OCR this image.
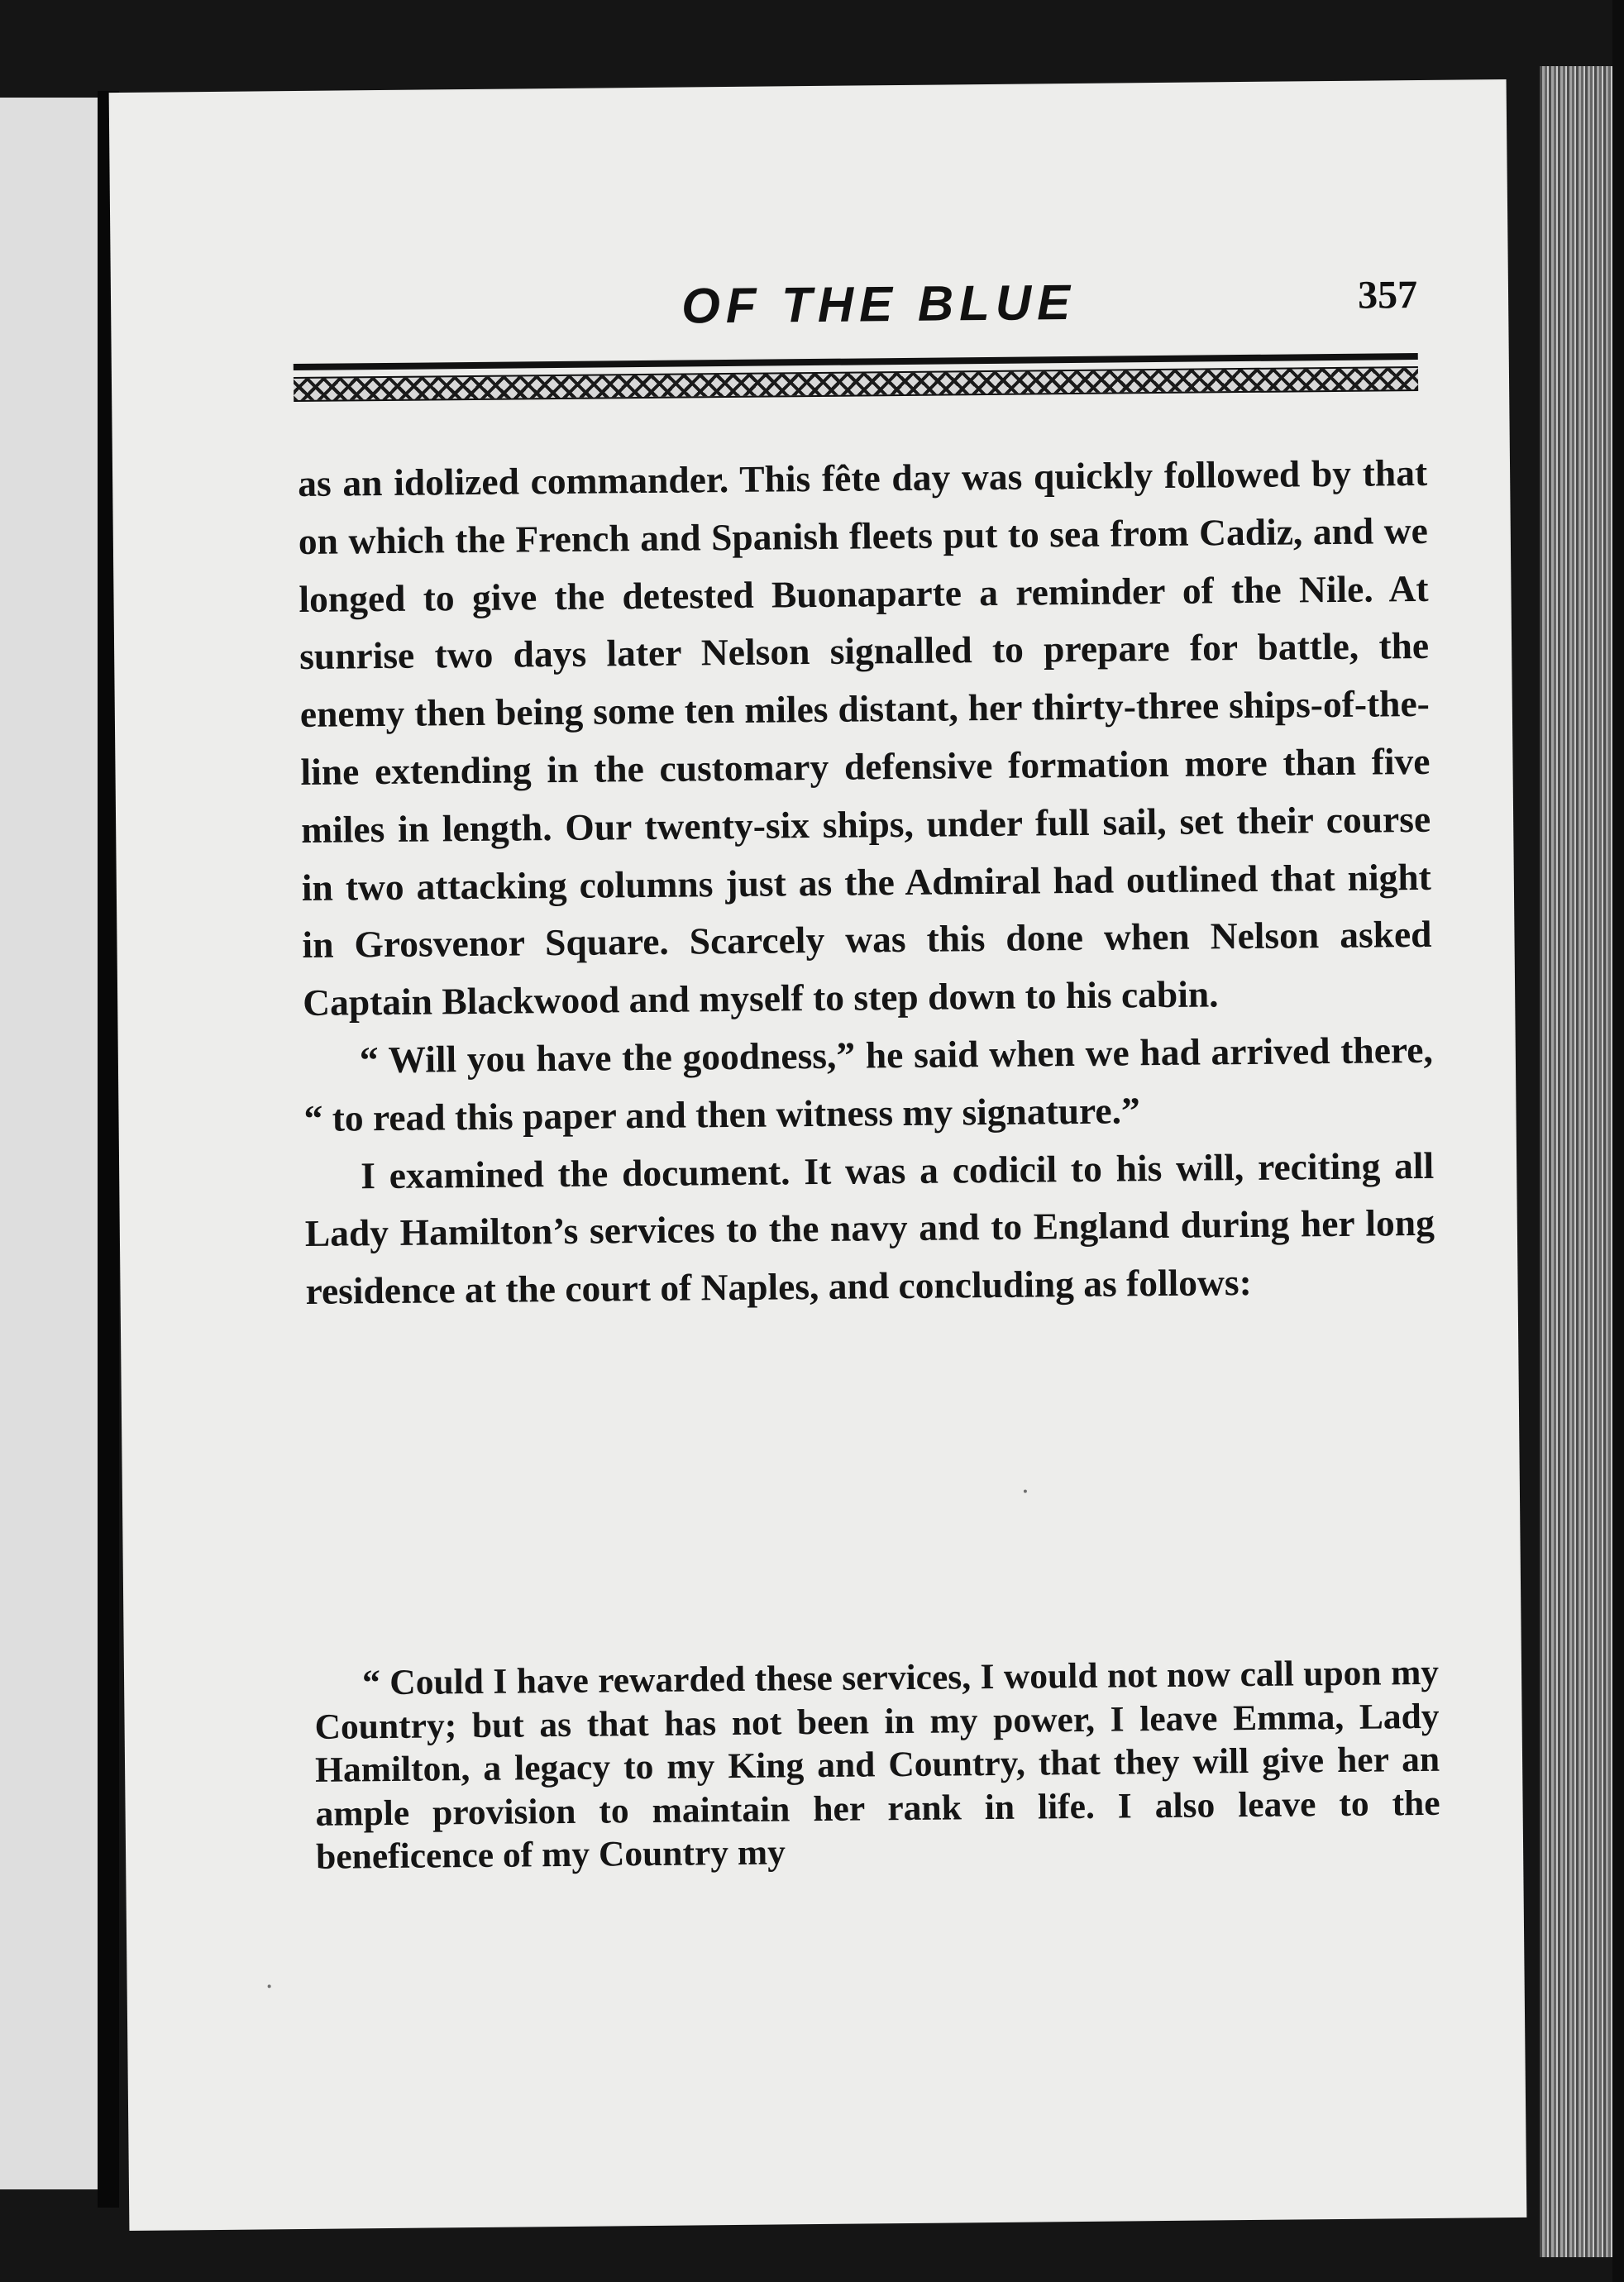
OF THE BLUE	357

as an idolized commander. This fête day was quickly followed by that on which the French and Spanish fleets put to sea from Cadiz, and we longed to give the detested Buonaparte a reminder of the Nile. At sunrise two days later Nelson signalled to prepare for battle, the enemy then being some ten miles distant, her thirty-three ships-of-the-line extending in the customary defensive formation more than five miles in length. Our twenty-six ships, under full sail, set their course in two attacking columns just as the Admiral had outlined that night in Grosvenor Square. Scarcely was this done when Nelson asked Captain Blackwood and myself to step down to his cabin.

“ Will you have the goodness,” he said when we had arrived there, “ to read this paper and then witness my signature.”

I examined the document. It was a codicil to his will, reciting all Lady Hamilton’s services to the navy and to England during her long residence at the court of Naples, and concluding as follows:

“ Could I have rewarded these services, I would not now call upon my Country; but as that has not been in my power, I leave Emma, Lady Hamilton, a legacy to my King and Country, that they will give her an ample provision to maintain her rank in life. I also leave to the beneficence of my Country my
